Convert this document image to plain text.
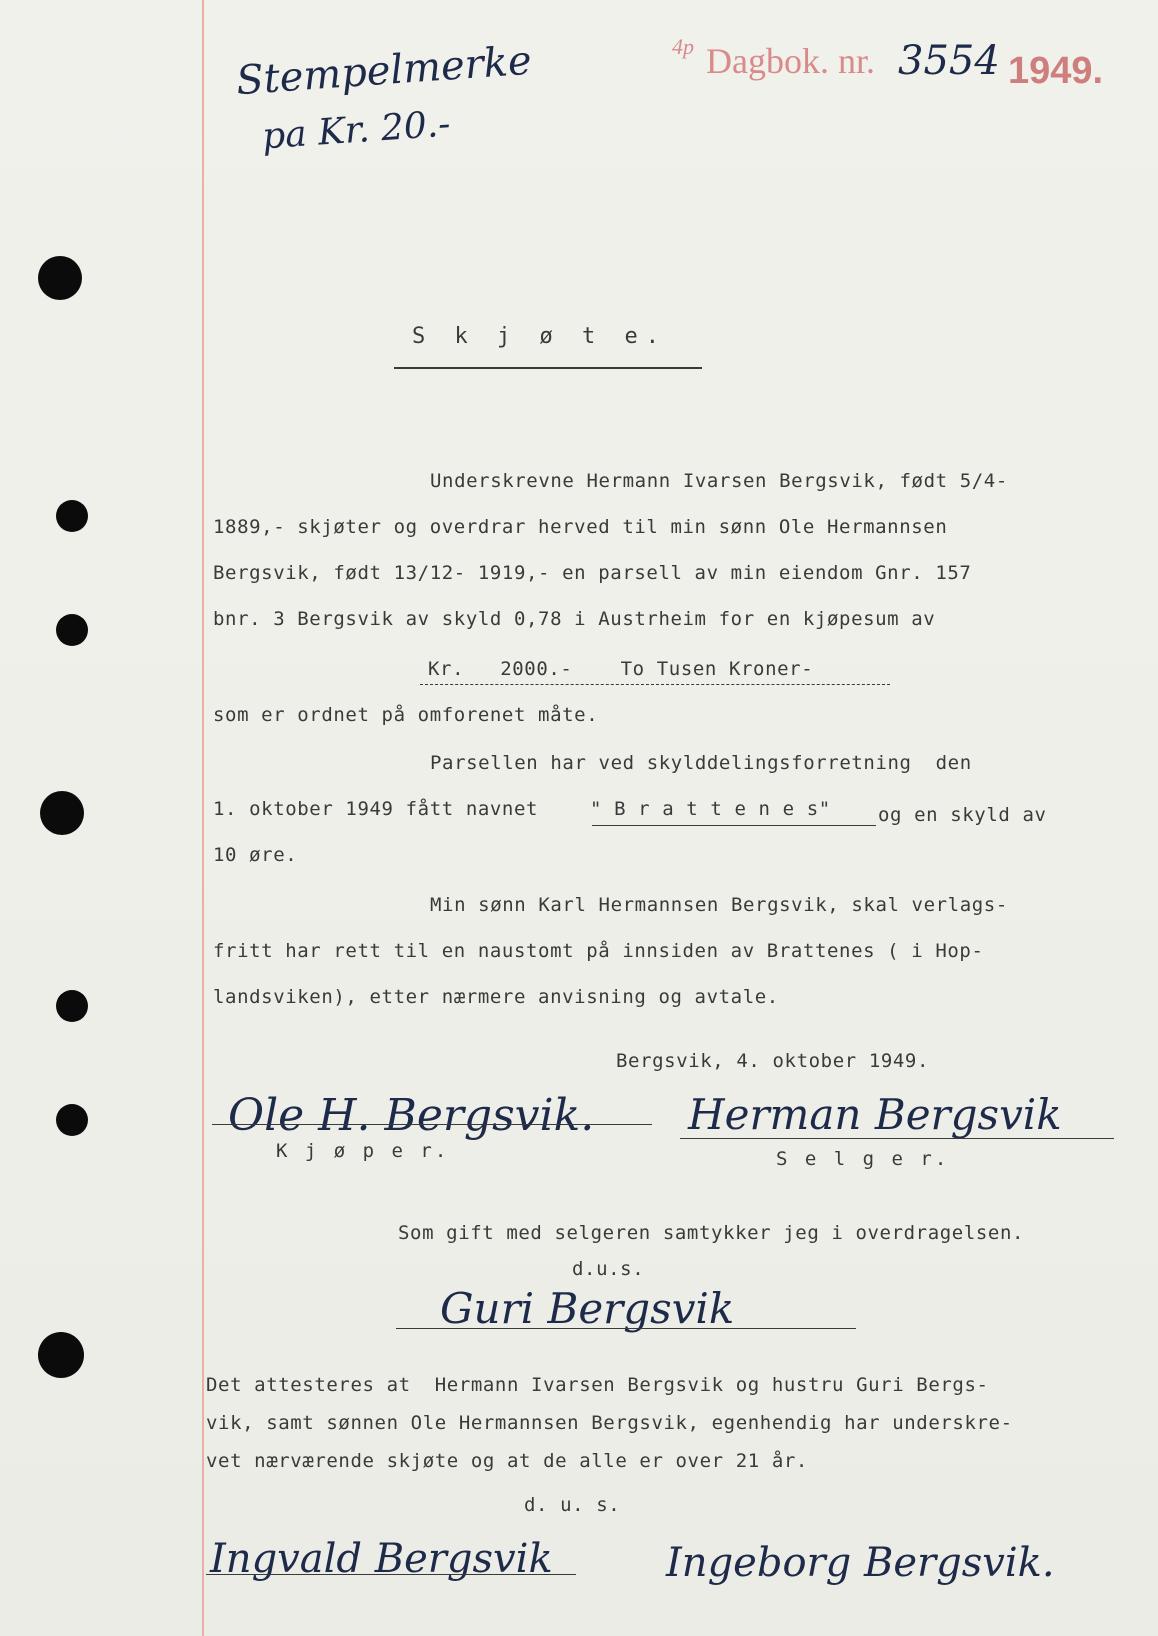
Stempelmerke
pa Kr. 20.-
4p Dagbok. nr. 3554 1949.
S k j ø t e.
Underskrevne Hermann Ivarsen Bergsvik, født 5/4-
1889,- skjøter og overdrar herved til min sønn Ole Hermannsen
Bergsvik, født 13/12- 1919,- en parsell av min eiendom Gnr. 157
bnr. 3 Bergsvik av skyld 0,78 i Austrheim for en kjøpesum av
Kr.   2000.-    To Tusen Kroner-
som er ordnet på omforenet måte.
Parsellen har ved skylddelingsforretning  den
1. oktober 1949 fått navnet	" B r a t t e n e s" og en skyld av
10 øre.
Min sønn Karl Hermannsen Bergsvik, skal verlags-
fritt har rett til en naustomt på innsiden av Brattenes ( i Hop-
landsviken), etter nærmere anvisning og avtale.
Bergsvik, 4. oktober 1949.
Ole H. Bergsvik. Herman Bergsvik
K j ø p e r.	S e l g e r.
Som gift med selgeren samtykker jeg i overdragelsen.
d.u.s.
Guri Bergsvik
Det attesteres at  Hermann Ivarsen Bergsvik og hustru Guri Bergs-
vik, samt sønnen Ole Hermannsen Bergsvik, egenhendig har underskre-
vet nærværende skjøte og at de alle er over 21 år.
d. u. s.
Ingvald Bergsvik	Ingeborg Bergsvik.
